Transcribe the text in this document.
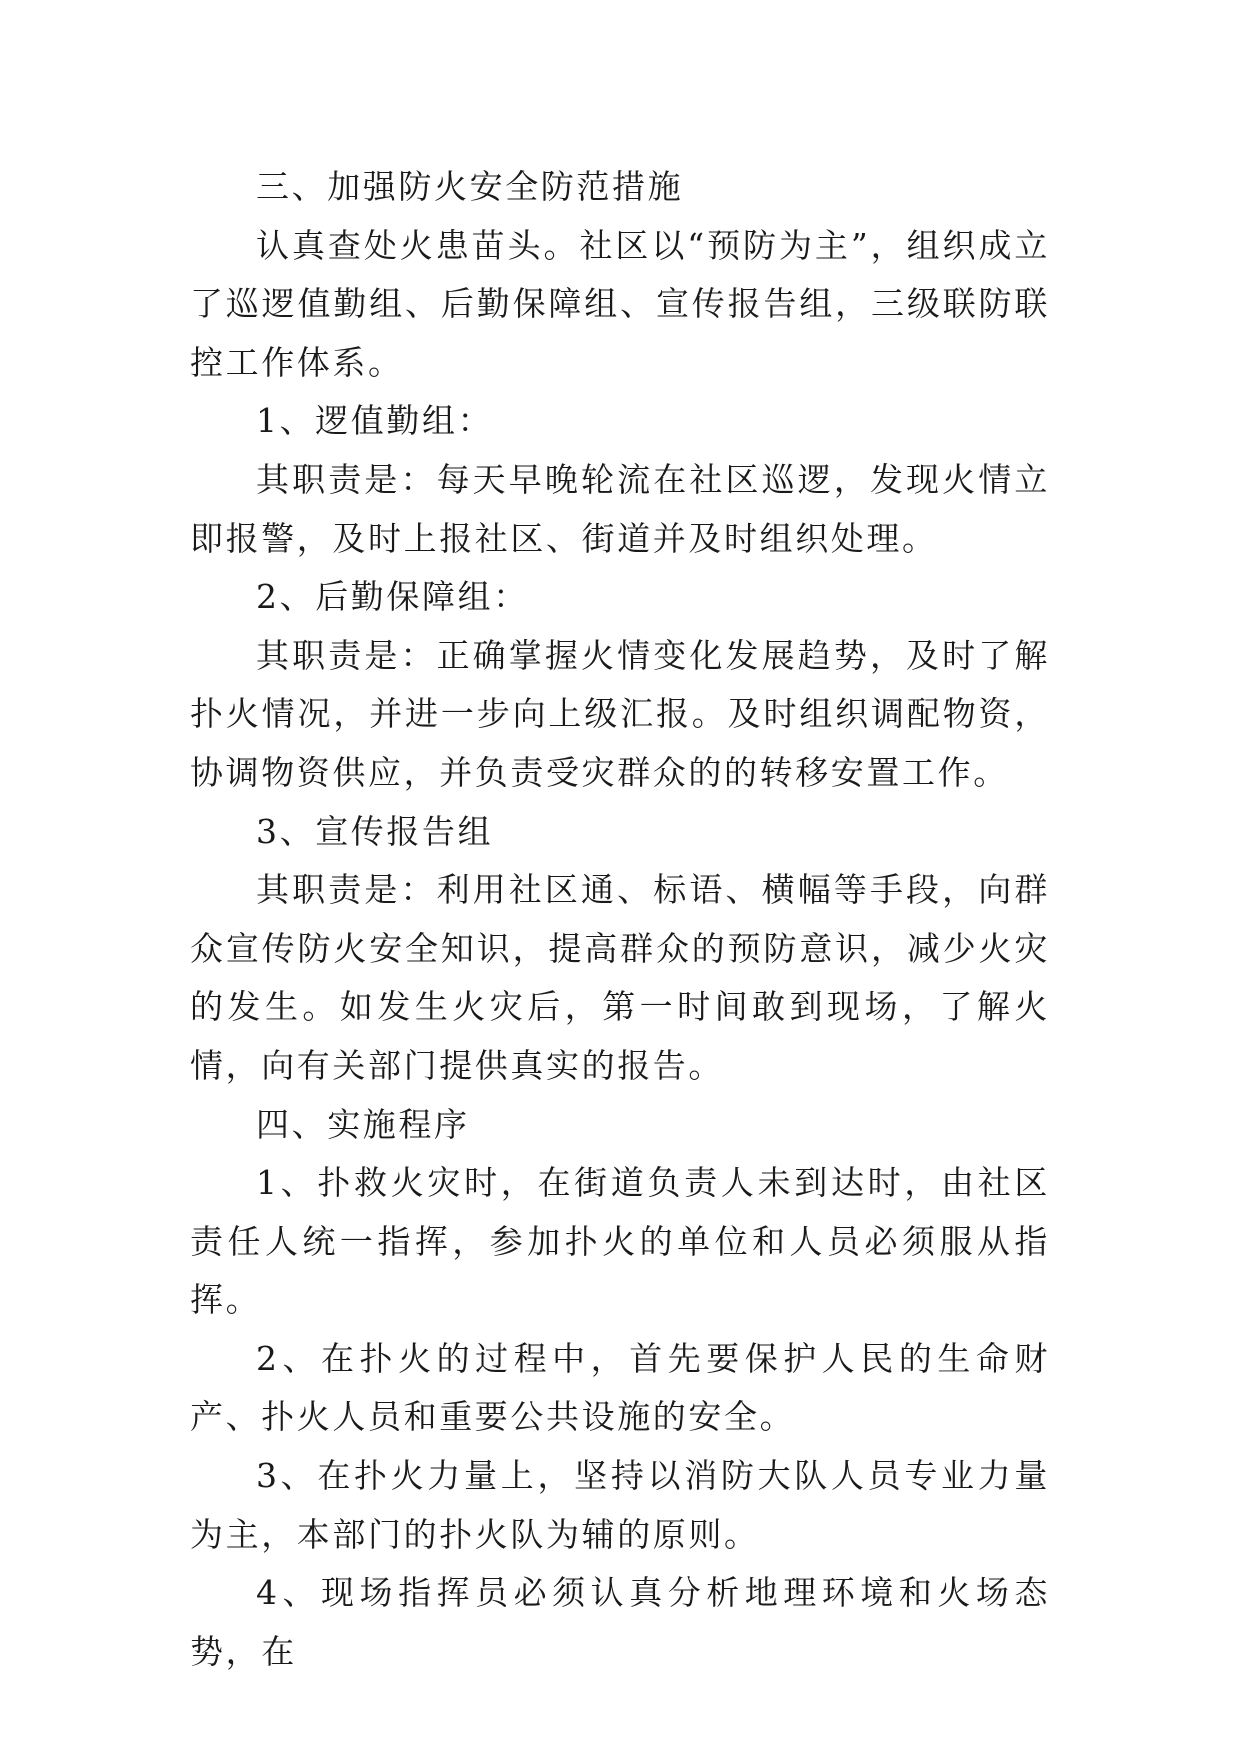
三、加强防火安全防范措施

认真查处火患苗头。社区以“预防为主”，组织成立了巡逻值勤组、后勤保障组、宣传报告组，三级联防联控工作体系。

1、逻值勤组：

其职责是：每天早晚轮流在社区巡逻，发现火情立即报警，及时上报社区、街道并及时组织处理。

2、后勤保障组：

其职责是：正确掌握火情变化发展趋势，及时了解扑火情况，并进一步向上级汇报。及时组织调配物资，协调物资供应，并负责受灾群众的的转移安置工作。

3、宣传报告组

其职责是：利用社区通、标语、横幅等手段，向群众宣传防火安全知识，提高群众的预防意识，减少火灾的发生。如发生火灾后，第一时间敢到现场，了解火情，向有关部门提供真实的报告。

四、实施程序

1、扑救火灾时，在街道负责人未到达时，由社区责任人统一指挥，参加扑火的单位和人员必须服从指挥。

2、在扑火的过程中，首先要保护人民的生命财产、扑火人员和重要公共设施的安全。

3、在扑火力量上，坚持以消防大队人员专业力量为主，本部门的扑火队为辅的原则。

4、现场指挥员必须认真分析地理环境和火场态势，在
